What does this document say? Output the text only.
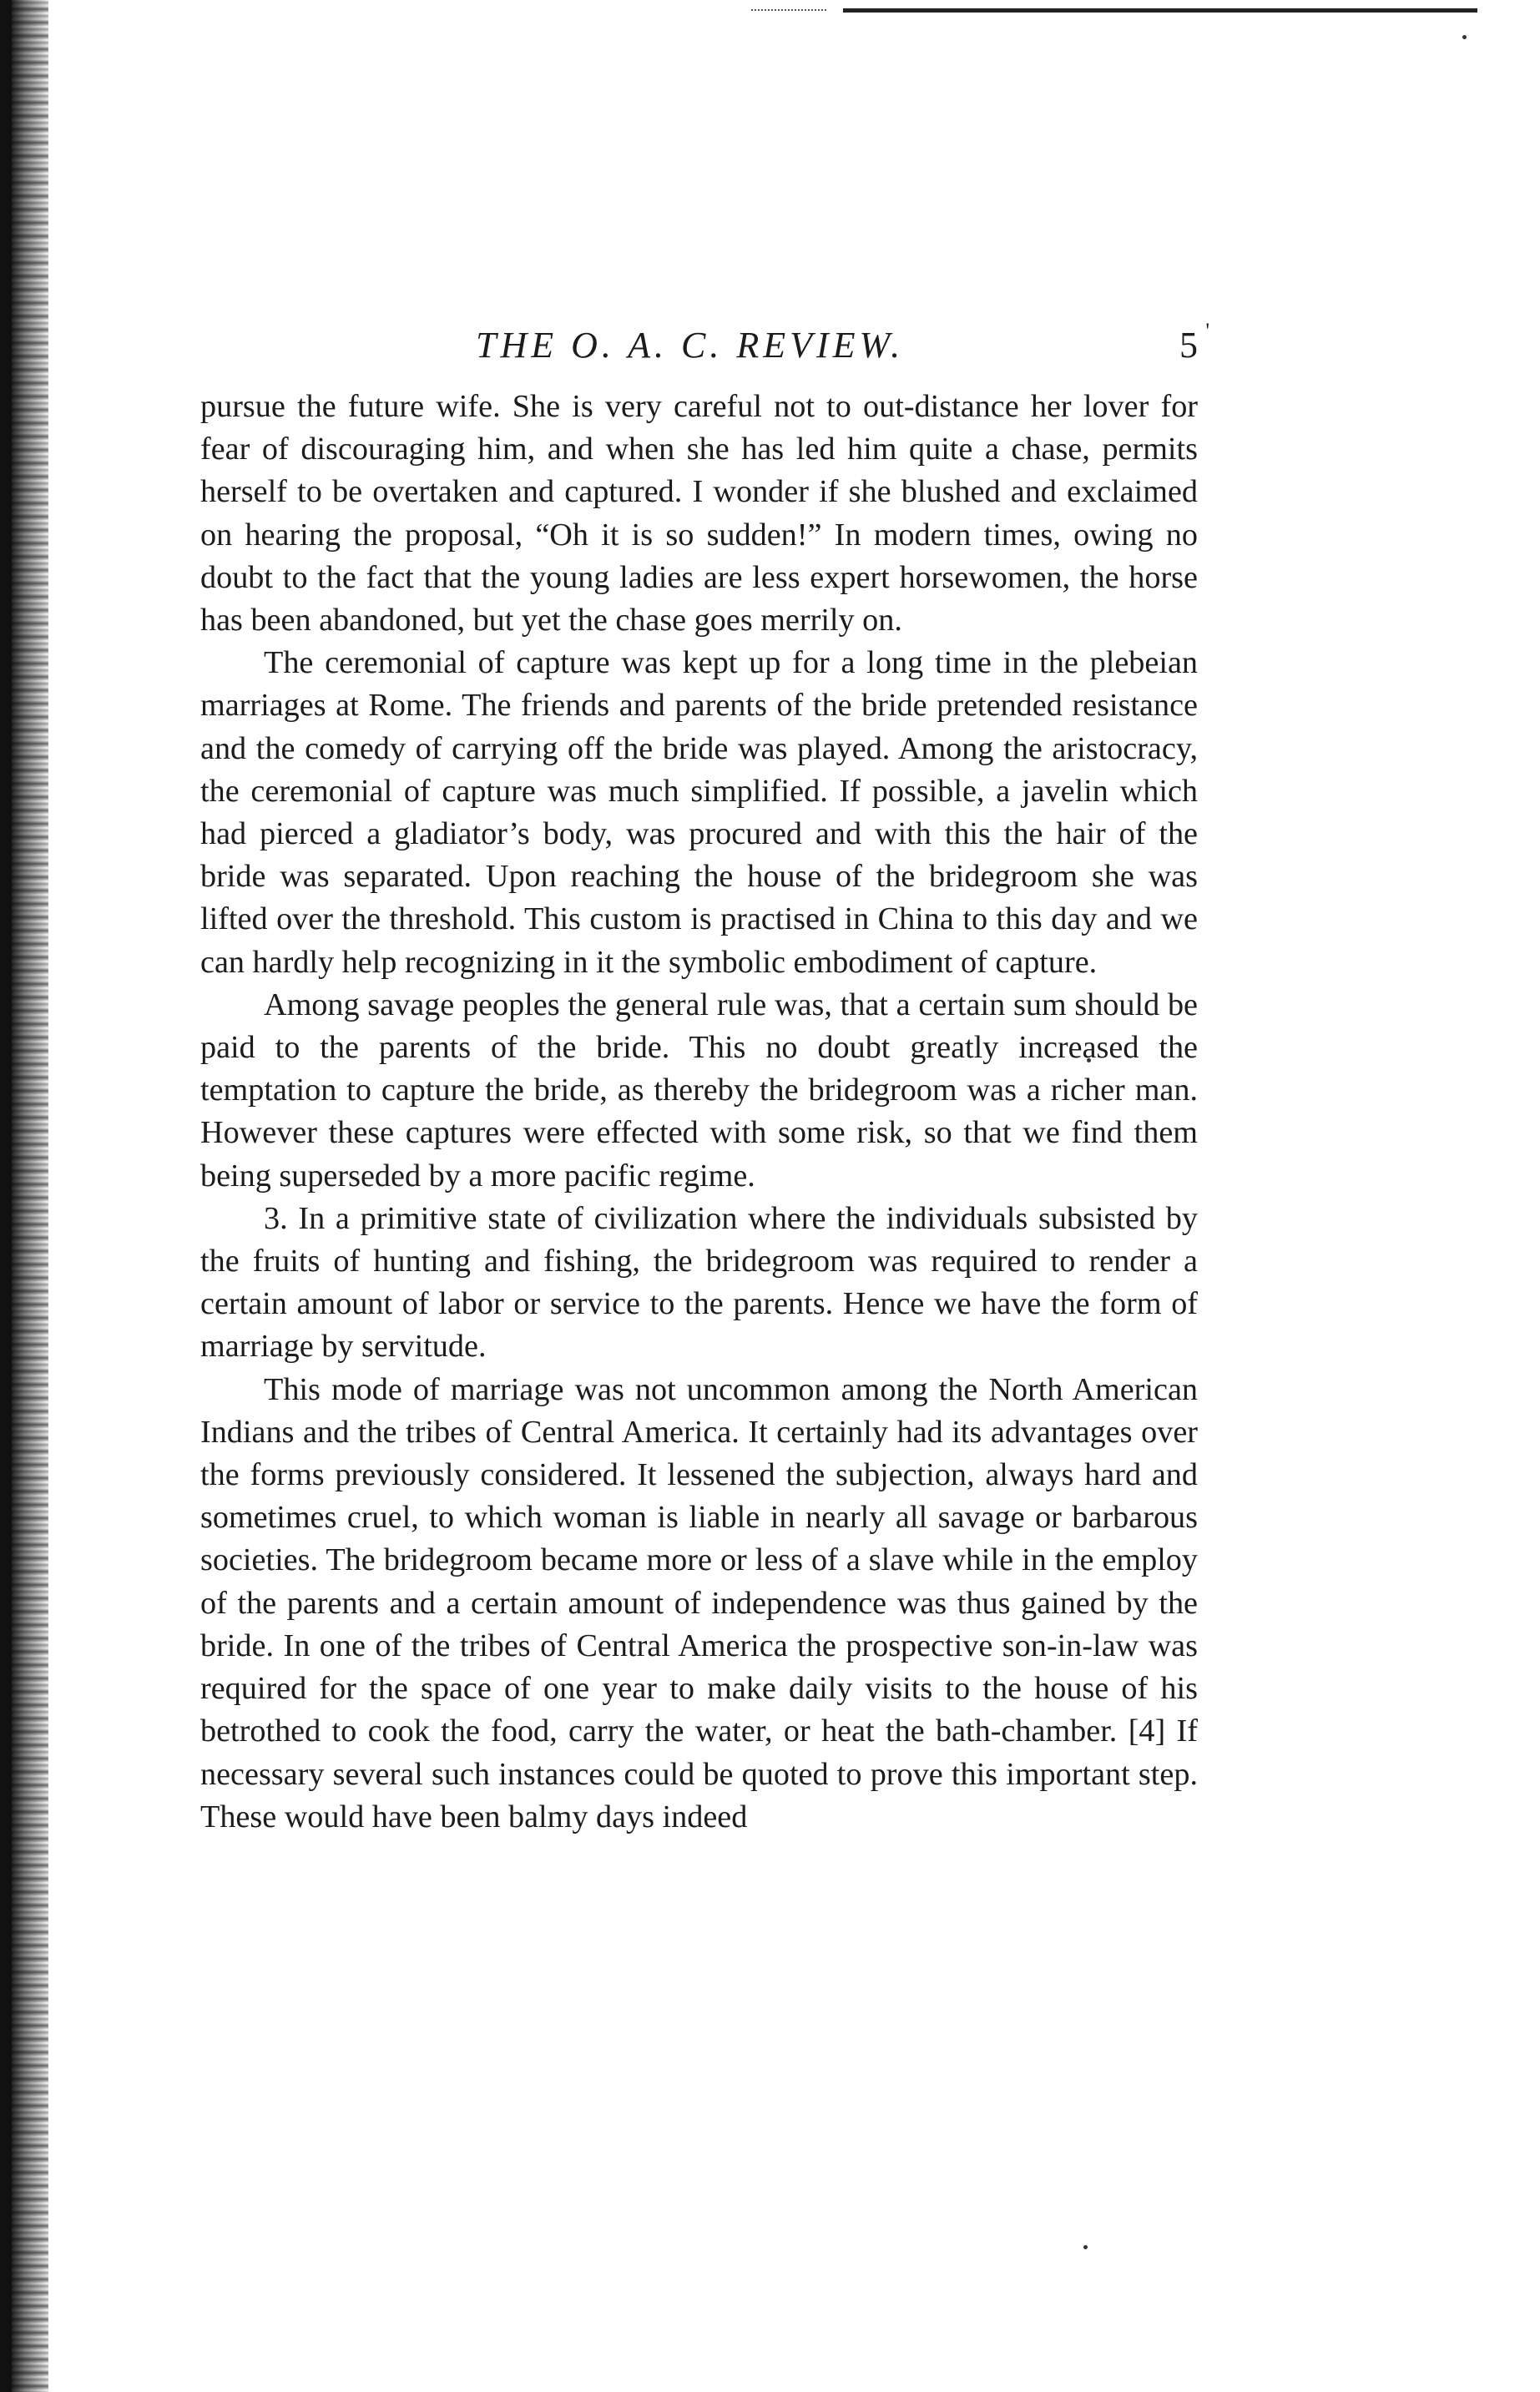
THE O. A. C. REVIEW.	5 '

pursue the future wife. She is very careful not to out-distance her lover for fear of discouraging him, and when she has led him quite a chase, permits herself to be overtaken and captured. I wonder if she blushed and exclaimed on hearing the proposal, “Oh it is so sudden!” In modern times, owing no doubt to the fact that the young ladies are less expert horsewomen, the horse has been abandoned, but yet the chase goes merrily on.

The ceremonial of capture was kept up for a long time in the plebeian marriages at Rome. The friends and parents of the bride pretended resistance and the comedy of carrying off the bride was played. Among the aristocracy, the ceremonial of capture was much simplified. If possible, a javelin which had pierced a gladiator’s body, was procured and with this the hair of the bride was separated. Upon reaching the house of the bridegroom she was lifted over the threshold. This custom is practised in China to this day and we can hardly help recognizing in it the symbolic embodiment of capture.

Among savage peoples the general rule was, that a certain sum should be paid to the parents of the bride. This no doubt greatly increased the temptation to capture the bride, as thereby the bridegroom was a richer man. However these captures were effected with some risk, so that we find them being superseded by a more pacific regime.

3. In a primitive state of civilization where the individuals subsisted by the fruits of hunting and fishing, the bridegroom was required to render a certain amount of labor or service to the parents. Hence we have the form of marriage by servitude.

This mode of marriage was not uncommon among the North American Indians and the tribes of Central America. It certainly had its advantages over the forms previously considered. It lessened the subjection, always hard and sometimes cruel, to which woman is liable in nearly all savage or barbarous societies. The bridegroom became more or less of a slave while in the employ of the parents and a certain amount of independence was thus gained by the bride. In one of the tribes of Central America the prospective son-in-law was required for the space of one year to make daily visits to the house of his betrothed to cook the food, carry the water, or heat the bath-chamber. [4] If necessary several such instances could be quoted to prove this important step. These would have been balmy days indeed
